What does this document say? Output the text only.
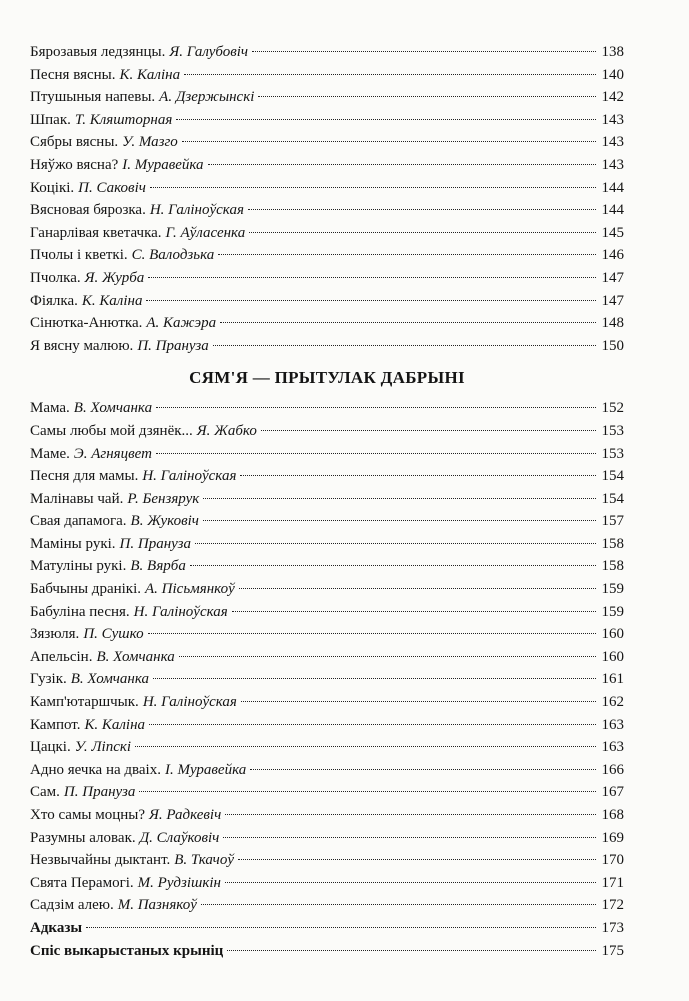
Бярозавыя ледзянцы. Я. Галубовіч	138
Песня вясны. К. Каліна	140
Птушыныя напевы. А. Дзержынскі	142
Шпак. Т. Кляшторная	143
Сябры вясны. У. Мазго	143
Няўжо вясна? І. Муравейка	143
Коцікі. П. Саковіч	144
Вясновая бярозка. Н. Галіноўская	144
Ганарлівая кветачка. Г. Аўласенка	145
Пчолы і кветкі. С. Валодзька	146
Пчолка. Я. Журба	147
Фіялка. К. Каліна	147
Сінютка-Анютка. А. Кажэра	148
Я вясну малюю. П. Пранузa	150
СЯМ'Я — ПРЫТУЛАК ДАБРЫНІ
Мама. В. Хомчанка	152
Самы любы мой дзянёк... Я. Жабко	153
Маме. Э. Агняцвет	153
Песня для мамы. Н. Галіноўская	154
Малінавы чай. Р. Бензярук	154
Свая дапамога. В. Жуковіч	157
Маміны рукі. П. Пранузa	158
Матуліны рукі. В. Вярба	158
Бабчыны дранікі. А. Пісьмянкоў	159
Бабуліна песня. Н. Галіноўская	159
Зязюля. П. Сушко	160
Апельсін. В. Хомчанка	160
Гузік. В. Хомчанка	161
Камп'ютаршчык. Н. Галіноўская	162
Кампот. К. Каліна	163
Цацкі. У. Ліпскі	163
Адно яечка на дваіх. І. Муравейка	166
Сам. П. Пранузa	167
Хто самы моцны? Я. Радкевіч	168
Разумны аловак. Д. Слаўковіч	169
Незвычайны дыктант. В. Ткачоў	170
Свята Перамогі. М. Рудзішкін	171
Садзім алею. М. Пазнякоў	172
Адказы	173
Спіс выкарыстаных крыніц	175
